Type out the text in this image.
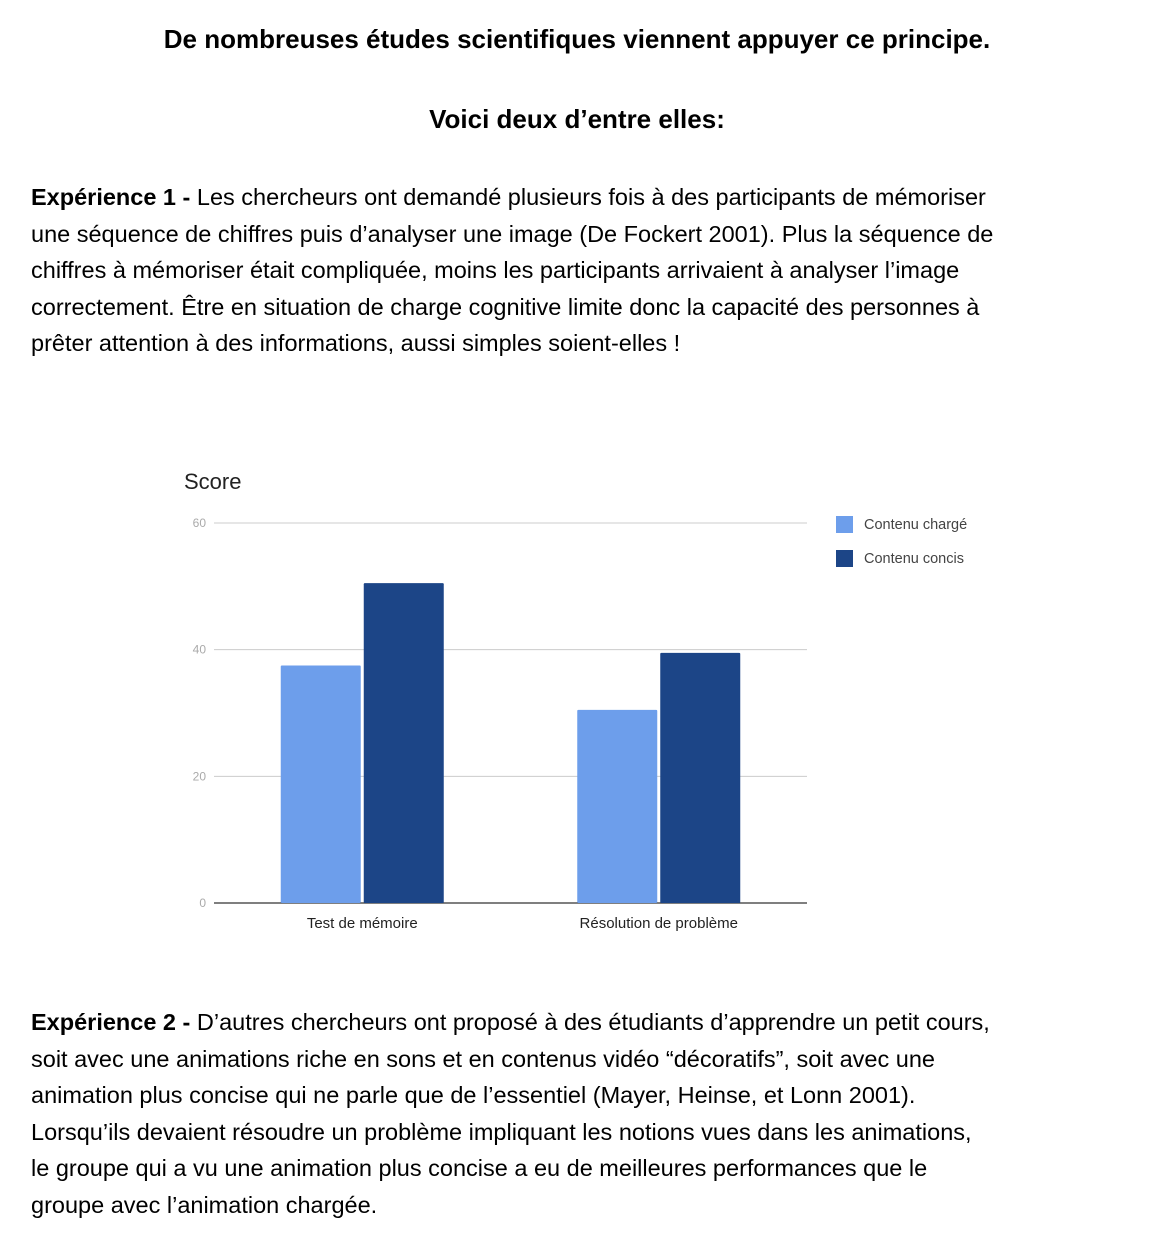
De nombreuses études scientifiques viennent appuyer ce principe.
Voici deux d’entre elles:
Expérience 1 - Les chercheurs ont demandé plusieurs fois à des participants de mémoriser
une séquence de chiffres puis d’analyser une image (De Fockert 2001). Plus la séquence de
chiffres à mémoriser était compliquée, moins les participants arrivaient à analyser l’image
correctement. Être en situation de charge cognitive limite donc la capacité des personnes à
prêter attention à des informations, aussi simples soient-elles !
Score
0
20
40
60
Test de mémoire	Résolution de problème
Contenu chargé
Contenu concis
Expérience 2 - D’autres chercheurs ont proposé à des étudiants d’apprendre un petit cours,
soit avec une animations riche en sons et en contenus vidéo “décoratifs”, soit avec une
animation plus concise qui ne parle que de l’essentiel (Mayer, Heinse, et Lonn 2001).
Lorsqu’ils devaient résoudre un problème impliquant les notions vues dans les animations,
le groupe qui a vu une animation plus concise a eu de meilleures performances que le
groupe avec l’animation chargée.
